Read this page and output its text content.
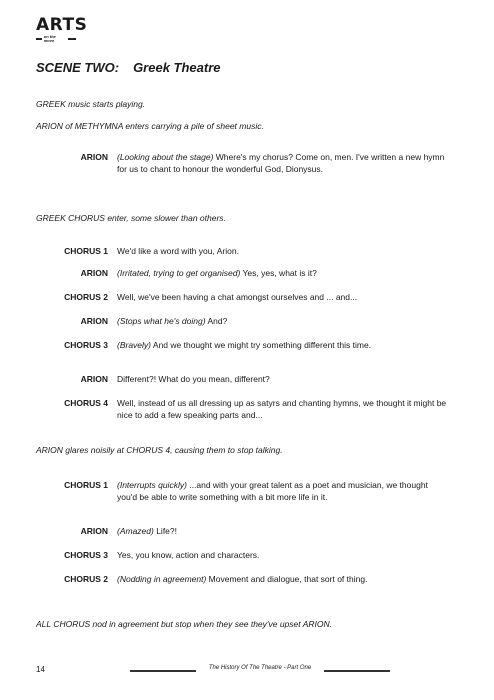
ARTS
on the move
SCENE TWO: Greek Theatre
GREEK music starts playing.
ARION of METHYMNA enters carrying a pile of sheet music.
ARION (Looking about the stage) Where's my chorus? Come on, men. I've written a new hymn for us to chant to honour the wonderful God, Dionysus.
GREEK CHORUS enter, some slower than others.
CHORUS 1 We'd like a word with you, Arion.
ARION (Irritated, trying to get organised) Yes, yes, what is it?
CHORUS 2 Well, we've been having a chat amongst ourselves and ... and...
ARION (Stops what he's doing) And?
CHORUS 3 (Bravely) And we thought we might try something different this time.
ARION Different?! What do you mean, different?
CHORUS 4 Well, instead of us all dressing up as satyrs and chanting hymns, we thought it might be nice to add a few speaking parts and...
ARION glares noisily at CHORUS 4, causing them to stop talking.
CHORUS 1 (Interrupts quickly) ...and with your great talent as a poet and musician, we thought you'd be able to write something with a bit more life in it.
ARION (Amazed) Life?!
CHORUS 3 Yes, you know, action and characters.
CHORUS 2 (Nodding in agreement) Movement and dialogue, that sort of thing.
ALL CHORUS nod in agreement but stop when they see they've upset ARION.
14	The History Of The Theatre - Part One
